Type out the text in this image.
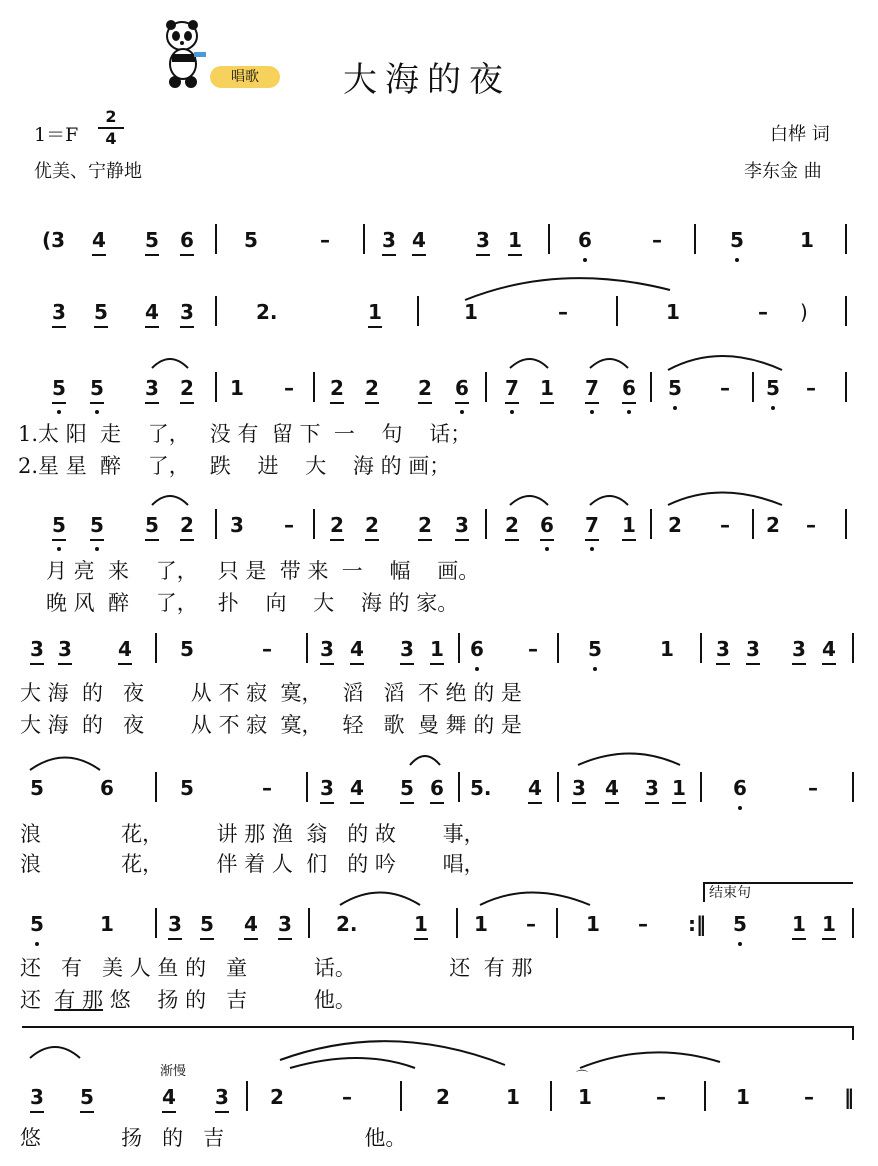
唱歌	大海的夜
1＝F
2
4
优美、宁静地
白桦 词
李东金 曲
⌒
(3 4 5 6	5	–	3 4	3 1	6	–	5	1
3 5 4 3	2.	1	1	–	1	– )
5 5 3 2 1 – 2 2 2 6 7 1 7 6 5 – 5 –
1.太 阳  走    了，   没 有  留 下  一    句    话；
2.星 星  醉    了，   跌    进    大    海 的 画；
5 5 5 2 3 – 2 2 2 3 2 6 7 1 2 – 2 –
月 亮  来    了，   只 是  带 来  一    幅    画。
晚 风  醉    了，   扑    向    大    海 的 家。
3 3 4 5	– 3 4 3 1 6 –	5	1 3 3 3 4
大 海  的   夜       从 不 寂  寞，   滔   滔  不 绝 的 是
大 海  的   夜       从 不 寂  寞，   轻   歌  曼 舞 的 是
5	6	5	– 3 4 5 6 5. 4 3 4 3 1 6	–
浪            花，        讲 那 渔  翁   的 故       事，
浪            花，        伴 着 人  们   的 吟       唱，
结束句
5	1	3 5 4 3 2.	1 1 –	1 – :‖ 5 1 1
还   有   美 人 鱼 的   童          话。              还  有 那
还  有 那 悠    扬 的   吉          他。
渐慢
3 5	4 3 2	–	2	1	1	–	1	– ‖
悠            扬   的   吉                     他。
